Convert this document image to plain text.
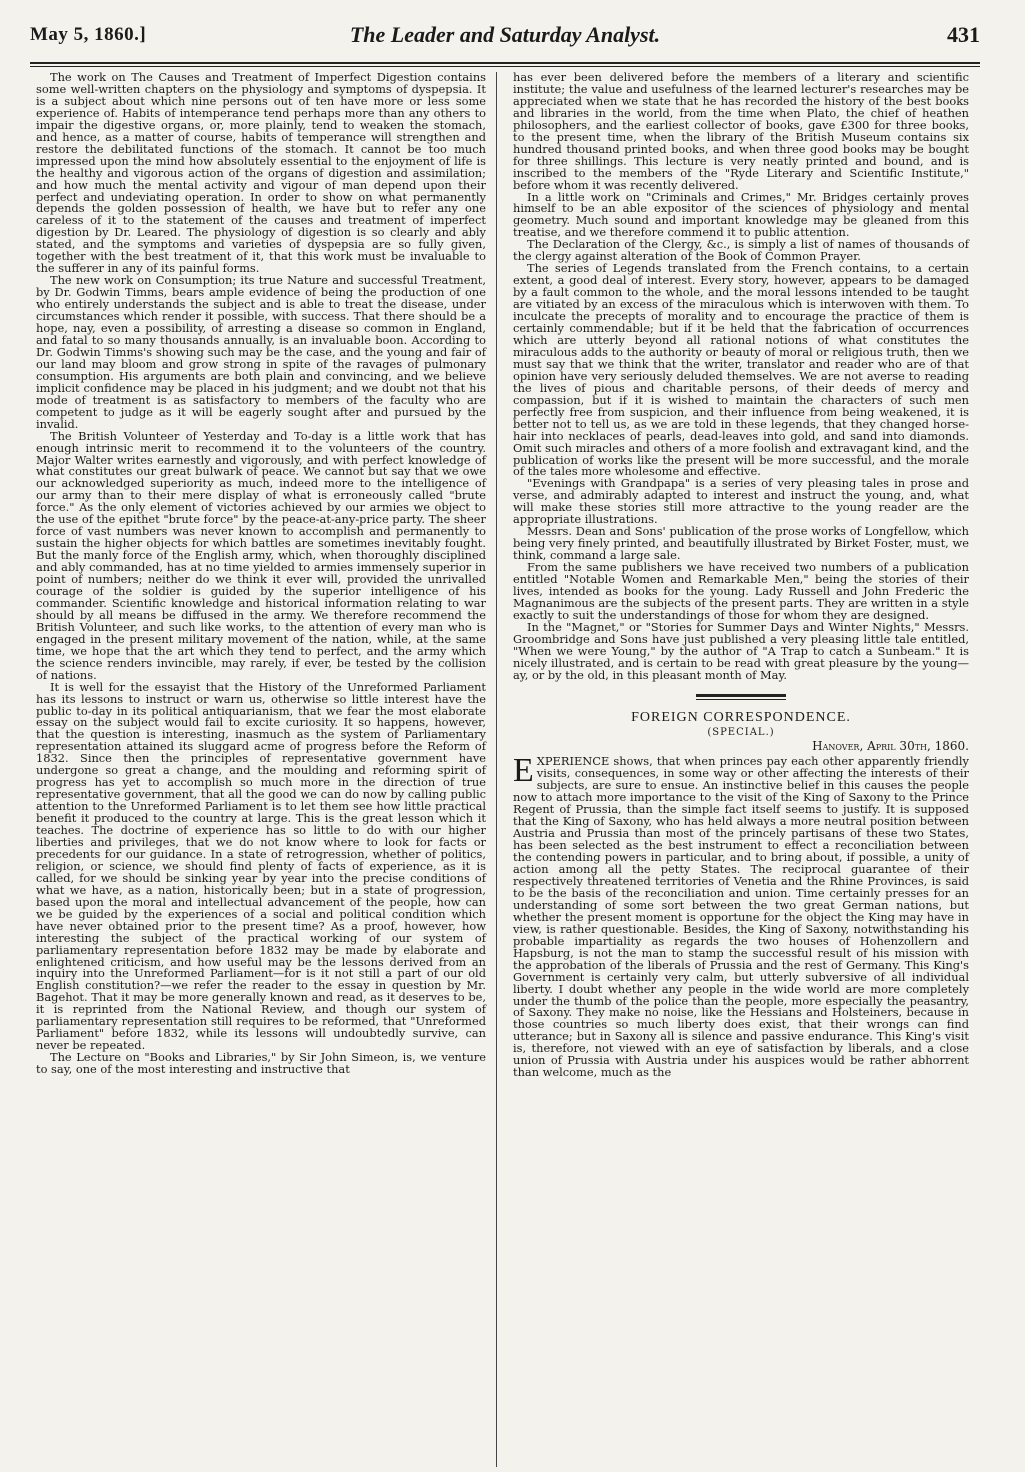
May 5, 1860.]	The Leader and Saturday Analyst.	431

The work on The Causes and Treatment of Imperfect Digestion contains some well-written chapters on the physiology and symptoms of dyspepsia. It is a subject about which nine persons out of ten have more or less some experience of. Habits of intemperance tend perhaps more than any others to impair the digestive organs, or, more plainly, tend to weaken the stomach, and hence, as a matter of course, habits of temperance will strengthen and restore the debilitated functions of the stomach. It cannot be too much impressed upon the mind how absolutely essential to the enjoyment of life is the healthy and vigorous action of the organs of digestion and assimilation; and how much the mental activity and vigour of man depend upon their perfect and undeviating operation. In order to show on what permanently depends the golden possession of health, we have but to refer any one careless of it to the statement of the causes and treatment of imperfect digestion by Dr. Leared. The physiology of digestion is so clearly and ably stated, and the symptoms and varieties of dyspepsia are so fully given, together with the best treatment of it, that this work must be invaluable to the sufferer in any of its painful forms.

The new work on Consumption; its true Nature and successful Treatment, by Dr. Godwin Timms, bears ample evidence of being the production of one who entirely understands the subject and is able to treat the disease, under circumstances which render it possible, with success. That there should be a hope, nay, even a possibility, of arresting a disease so common in England, and fatal to so many thousands annually, is an invaluable boon. According to Dr. Godwin Timms's showing such may be the case, and the young and fair of our land may bloom and grow strong in spite of the ravages of pulmonary consumption. His arguments are both plain and convincing, and we believe implicit confidence may be placed in his judgment; and we doubt not that his mode of treatment is as satisfactory to members of the faculty who are competent to judge as it will be eagerly sought after and pursued by the invalid.

The British Volunteer of Yesterday and To-day is a little work that has enough intrinsic merit to recommend it to the volunteers of the country. Major Walter writes earnestly and vigorously, and with perfect knowledge of what constitutes our great bulwark of peace. We cannot but say that we owe our acknowledged superiority as much, indeed more to the intelligence of our army than to their mere display of what is erroneously called "brute force." As the only element of victories achieved by our armies we object to the use of the epithet "brute force" by the peace-at-any-price party. The sheer force of vast numbers was never known to accomplish and permanently to sustain the higher objects for which battles are sometimes inevitably fought. But the manly force of the English army, which, when thoroughly disciplined and ably commanded, has at no time yielded to armies immensely superior in point of numbers; neither do we think it ever will, provided the unrivalled courage of the soldier is guided by the superior intelligence of his commander. Scientific knowledge and historical information relating to war should by all means be diffused in the army. We therefore recommend the British Volunteer, and such like works, to the attention of every man who is engaged in the present military movement of the nation, while, at the same time, we hope that the art which they tend to perfect, and the army which the science renders invincible, may rarely, if ever, be tested by the collision of nations.

It is well for the essayist that the History of the Unreformed Parliament has its lessons to instruct or warn us, otherwise so little interest have the public to-day in its political antiquarianism, that we fear the most elaborate essay on the subject would fail to excite curiosity. It so happens, however, that the question is interesting, inasmuch as the system of Parliamentary representation attained its sluggard acme of progress before the Reform of 1832. Since then the principles of representative government have undergone so great a change, and the moulding and reforming spirit of progress has yet to accomplish so much more in the direction of true representative government, that all the good we can do now by calling public attention to the Unreformed Parliament is to let them see how little practical benefit it produced to the country at large. This is the great lesson which it teaches. The doctrine of experience has so little to do with our higher liberties and privileges, that we do not know where to look for facts or precedents for our guidance. In a state of retrogression, whether of politics, religion, or science, we should find plenty of facts of experience, as it is called, for we should be sinking year by year into the precise conditions of what we have, as a nation, historically been; but in a state of progression, based upon the moral and intellectual advancement of the people, how can we be guided by the experiences of a social and political condition which have never obtained prior to the present time? As a proof, however, how interesting the subject of the practical working of our system of parliamentary representation before 1832 may be made by elaborate and enlightened criticism, and how useful may be the lessons derived from an inquiry into the Unreformed Parliament—for is it not still a part of our old English constitution?—we refer the reader to the essay in question by Mr. Bagehot. That it may be more generally known and read, as it deserves to be, it is reprinted from the National Review, and though our system of parliamentary representation still requires to be reformed, that "Unreformed Parliament" before 1832, while its lessons will undoubtedly survive, can never be repeated.

The Lecture on "Books and Libraries," by Sir John Simeon, is, we venture to say, one of the most interesting and instructive that

has ever been delivered before the members of a literary and scientific institute; the value and usefulness of the learned lecturer's researches may be appreciated when we state that he has recorded the history of the best books and libraries in the world, from the time when Plato, the chief of heathen philosophers, and the earliest collector of books, gave £300 for three books, to the present time, when the library of the British Museum contains six hundred thousand printed books, and when three good books may be bought for three shillings. This lecture is very neatly printed and bound, and is inscribed to the members of the "Ryde Literary and Scientific Institute," before whom it was recently delivered.

In a little work on "Criminals and Crimes," Mr. Bridges certainly proves himself to be an able expositor of the sciences of physiology and mental geometry. Much sound and important knowledge may be gleaned from this treatise, and we therefore commend it to public attention.

The Declaration of the Clergy, &c., is simply a list of names of thousands of the clergy against alteration of the Book of Common Prayer.

The series of Legends translated from the French contains, to a certain extent, a good deal of interest. Every story, however, appears to be damaged by a fault common to the whole, and the moral lessons intended to be taught are vitiated by an excess of the miraculous which is interwoven with them. To inculcate the precepts of morality and to encourage the practice of them is certainly commendable; but if it be held that the fabrication of occurrences which are utterly beyond all rational notions of what constitutes the miraculous adds to the authority or beauty of moral or religious truth, then we must say that we think that the writer, translator and reader who are of that opinion have very seriously deluded themselves. We are not averse to reading the lives of pious and charitable persons, of their deeds of mercy and compassion, but if it is wished to maintain the characters of such men perfectly free from suspicion, and their influence from being weakened, it is better not to tell us, as we are told in these legends, that they changed horse-hair into necklaces of pearls, dead-leaves into gold, and sand into diamonds. Omit such miracles and others of a more foolish and extravagant kind, and the publication of works like the present will be more successful, and the morale of the tales more wholesome and effective.

"Evenings with Grandpapa" is a series of very pleasing tales in prose and verse, and admirably adapted to interest and instruct the young, and, what will make these stories still more attractive to the young reader are the appropriate illustrations.

Messrs. Dean and Sons' publication of the prose works of Longfellow, which being very finely printed, and beautifully illustrated by Birket Foster, must, we think, command a large sale.

From the same publishers we have received two numbers of a publication entitled "Notable Women and Remarkable Men," being the stories of their lives, intended as books for the young. Lady Russell and John Frederic the Magnanimous are the subjects of the present parts. They are written in a style exactly to suit the understandings of those for whom they are designed.

In the "Magnet," or "Stories for Summer Days and Winter Nights," Messrs. Groombridge and Sons have just published a very pleasing little tale entitled, "When we were Young," by the author of "A Trap to catch a Sunbeam." It is nicely illustrated, and is certain to be read with great pleasure by the young—ay, or by the old, in this pleasant month of May.

FOREIGN CORRESPONDENCE.
(SPECIAL.)
Hanover, April 30th, 1860.

EXPERIENCE shows, that when princes pay each other apparently friendly visits, consequences, in some way or other affecting the interests of their subjects, are sure to ensue. An instinctive belief in this causes the people now to attach more importance to the visit of the King of Saxony to the Prince Regent of Prussia, than the simple fact itself seems to justify. It is supposed that the King of Saxony, who has held always a more neutral position between Austria and Prussia than most of the princely partisans of these two States, has been selected as the best instrument to effect a reconciliation between the contending powers in particular, and to bring about, if possible, a unity of action among all the petty States. The reciprocal guarantee of their respectively threatened territories of Venetia and the Rhine Provinces, is said to be the basis of the reconciliation and union. Time certainly presses for an understanding of some sort between the two great German nations, but whether the present moment is opportune for the object the King may have in view, is rather questionable. Besides, the King of Saxony, notwithstanding his probable impartiality as regards the two houses of Hohenzollern and Hapsburg, is not the man to stamp the successful result of his mission with the approbation of the liberals of Prussia and the rest of Germany. This King's Government is certainly very calm, but utterly subversive of all individual liberty. I doubt whether any people in the wide world are more completely under the thumb of the police than the people, more especially the peasantry, of Saxony. They make no noise, like the Hessians and Holsteiners, because in those countries so much liberty does exist, that their wrongs can find utterance; but in Saxony all is silence and passive endurance. This King's visit is, therefore, not viewed with an eye of satisfaction by liberals, and a close union of Prussia with Austria under his auspices would be rather abhorrent than welcome, much as the
